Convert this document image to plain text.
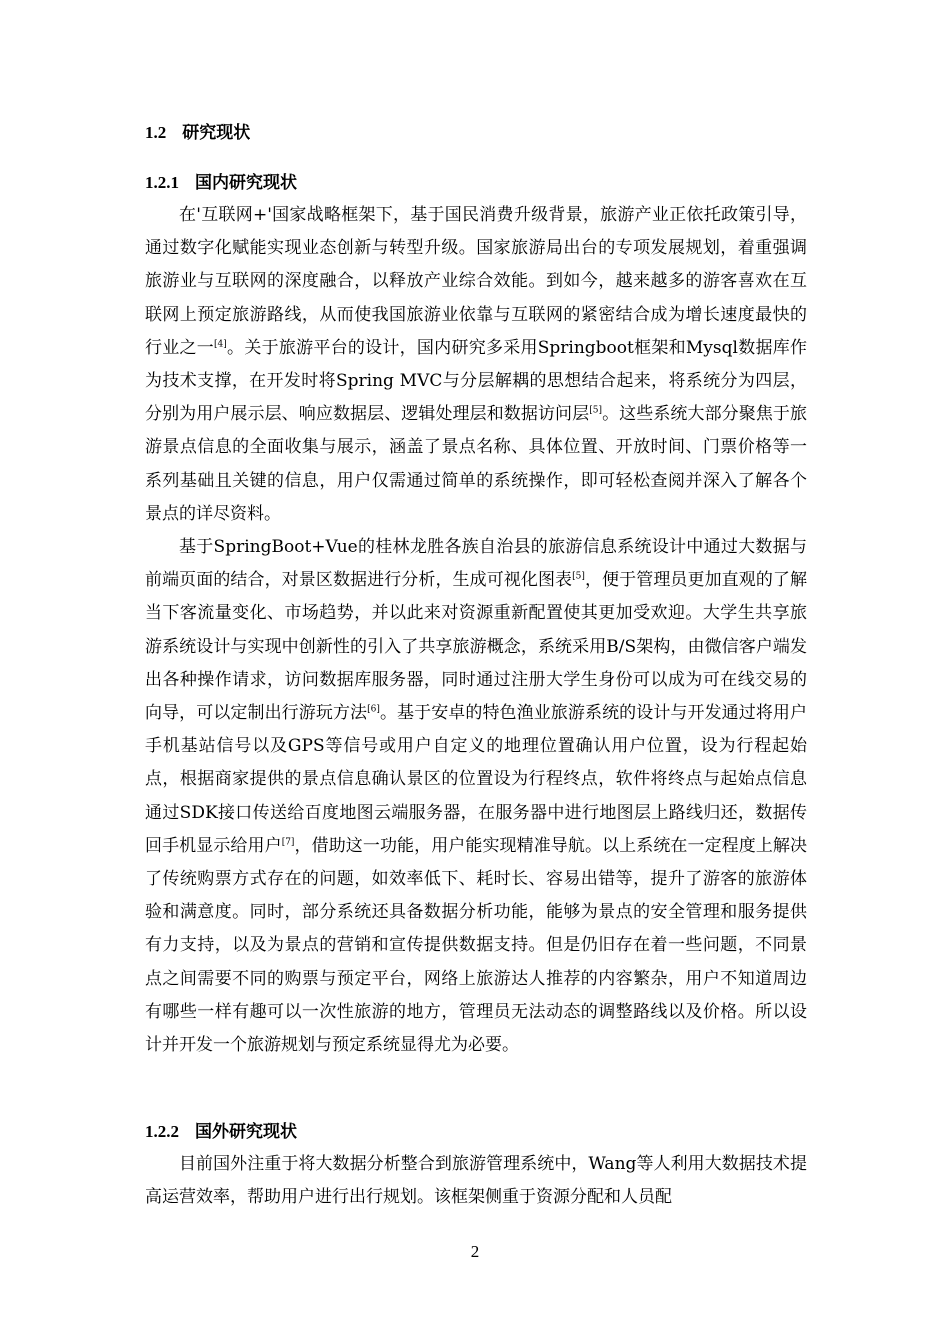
1.2 研究现状
1.2.1 国内研究现状

在'互联网+'国家战略框架下，基于国民消费升级背景，旅游产业正依托政策引导，通过数字化赋能实现业态创新与转型升级。国家旅游局出台的专项发展规划，着重强调旅游业与互联网的深度融合，以释放产业综合效能。到如今，越来越多的游客喜欢在互联网上预定旅游路线，从而使我国旅游业依靠与互联网的紧密结合成为增长速度最快的行业之一[4]。关于旅游平台的设计，国内研究多采用Springboot框架和Mysql数据库作为技术支撑，在开发时将Spring MVC与分层解耦的思想结合起来，将系统分为四层，分别为用户展示层、响应数据层、逻辑处理层和数据访问层[5]。这些系统大部分聚焦于旅游景点信息的全面收集与展示，涵盖了景点名称、具体位置、开放时间、门票价格等一系列基础且关键的信息，用户仅需通过简单的系统操作，即可轻松查阅并深入了解各个景点的详尽资料。

基于SpringBoot+Vue的桂林龙胜各族自治县的旅游信息系统设计中通过大数据与前端页面的结合，对景区数据进行分析，生成可视化图表[5]，便于管理员更加直观的了解当下客流量变化、市场趋势，并以此来对资源重新配置使其更加受欢迎。大学生共享旅游系统设计与实现中创新性的引入了共享旅游概念，系统采用B/S架构，由微信客户端发出各种操作请求，访问数据库服务器，同时通过注册大学生身份可以成为可在线交易的向导，可以定制出行游玩方法[6]。基于安卓的特色渔业旅游系统的设计与开发通过将用户手机基站信号以及GPS等信号或用户自定义的地理位置确认用户位置，设为行程起始点，根据商家提供的景点信息确认景区的位置设为行程终点，软件将终点与起始点信息通过SDK接口传送给百度地图云端服务器，在服务器中进行地图层上路线归还，数据传回手机显示给用户[7]，借助这一功能，用户能实现精准导航。以上系统在一定程度上解决了传统购票方式存在的问题，如效率低下、耗时长、容易出错等，提升了游客的旅游体验和满意度。同时，部分系统还具备数据分析功能，能够为景点的安全管理和服务提供有力支持，以及为景点的营销和宣传提供数据支持。但是仍旧存在着一些问题，不同景点之间需要不同的购票与预定平台，网络上旅游达人推荐的内容繁杂，用户不知道周边有哪些一样有趣可以一次性旅游的地方，管理员无法动态的调整路线以及价格。所以设计并开发一个旅游规划与预定系统显得尤为必要。

1.2.2 国外研究现状

目前国外注重于将大数据分析整合到旅游管理系统中，Wang等人利用大数据技术提高运营效率，帮助用户进行出行规划。该框架侧重于资源分配和人员配

2
